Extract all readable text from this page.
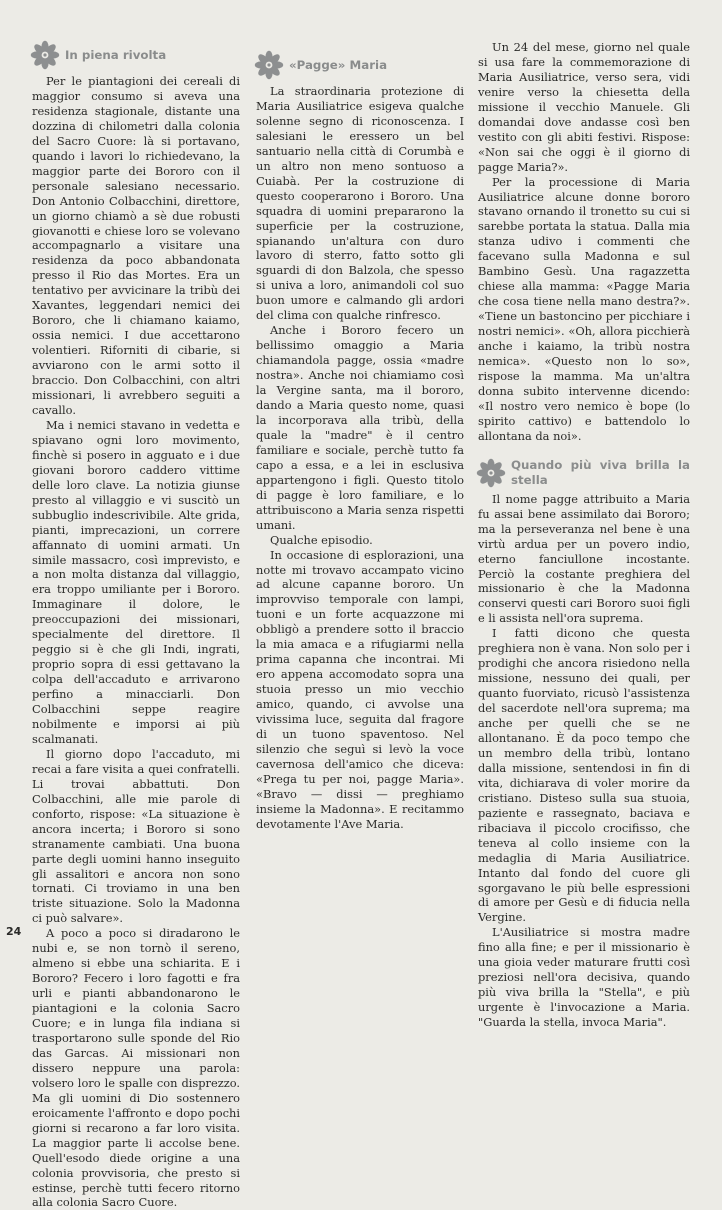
In piena rivolta

Per le piantagioni dei cereali di maggior consumo si aveva una residenza stagionale, distante una dozzina di chilometri dalla colonia del Sacro Cuore: là si portavano, quando i lavori lo richiedevano, la maggior parte dei Bororo con il personale salesiano necessario. Don Antonio Colbacchini, direttore, un giorno chiamò a sè due robusti giovanotti e chiese loro se volevano accompagnarlo a visitare una residenza da poco abbandonata presso il Rio das Mortes. Era un tentativo per avvicinare la tribù dei Xavantes, leggendari nemici dei Bororo, che li chiamano kaiamo, ossia nemici. I due accettarono volentieri. Riforniti di cibarie, si avviarono con le armi sotto il braccio. Don Colbacchini, con altri missionari, li avrebbero seguiti a cavallo.

Ma i nemici stavano in vedetta e spiavano ogni loro movimento, finchè si posero in agguato e i due giovani bororo caddero vittime delle loro clave. La notizia giunse presto al villaggio e vi suscitò un subbuglio indescrivibile. Alte grida, pianti, imprecazioni, un correre affannato di uomini armati. Un simile massacro, così imprevisto, e a non molta distanza dal villaggio, era troppo umiliante per i Bororo. Immaginare il dolore, le preoccupazioni dei missionari, specialmente del direttore. Il peggio si è che gli Indi, ingrati, proprio sopra di essi gettavano la colpa dell'accaduto e arrivarono perfino a minacciarli. Don Colbacchini seppe reagire nobilmente e imporsi ai più scalmanati.

Il giorno dopo l'accaduto, mi recai a fare visita a quei confratelli. Li trovai abbattuti. Don Colbacchini, alle mie parole di conforto, rispose: «La situazione è ancora incerta; i Bororo si sono stranamente cambiati. Una buona parte degli uomini hanno inseguito gli assalitori e ancora non sono tornati. Ci troviamo in una ben triste situazione. Solo la Madonna ci può salvare».

A poco a poco si diradarono le nubi e, se non tornò il sereno, almeno si ebbe una schiarita. E i Bororo? Fecero i loro fagotti e fra urli e pianti abbandonarono le piantagioni e la colonia Sacro Cuore; e in lunga fila indiana si trasportarono sulle sponde del Rio das Garcas. Ai missionari non dissero neppure una parola: volsero loro le spalle con disprezzo. Ma gli uomini di Dio sostennero eroicamente l'affronto e dopo pochi giorni si recarono a far loro visita. La maggior parte li accolse bene. Quell'esodo diede origine a una colonia provvisoria, che presto si estinse, perchè tutti fecero ritorno alla colonia Sacro Cuore.

«Pagge» Maria

La straordinaria protezione di Maria Ausiliatrice esigeva qualche solenne segno di riconoscenza. I salesiani le eressero un bel santuario nella città di Corumbà e un altro non meno sontuoso a Cuiabà. Per la costruzione di questo cooperarono i Bororo. Una squadra di uomini prepararono la superficie per la costruzione, spianando un'altura con duro lavoro di sterro, fatto sotto gli sguardi di don Balzola, che spesso si univa a loro, animandoli col suo buon umore e calmando gli ardori del clima con qualche rinfresco.

Anche i Bororo fecero un bellissimo omaggio a Maria chiamandola pagge, ossia «madre nostra». Anche noi chiamiamo così la Vergine santa, ma il bororo, dando a Maria questo nome, quasi la incorporava alla tribù, della quale la "madre" è il centro familiare e sociale, perchè tutto fa capo a essa, e a lei in esclusiva appartengono i figli. Questo titolo di pagge è loro familiare, e lo attribuiscono a Maria senza rispetti umani.

Qualche episodio.

In occasione di esplorazioni, una notte mi trovavo accampato vicino ad alcune capanne bororo. Un improvviso temporale con lampi, tuoni e un forte acquazzone mi obbligò a prendere sotto il braccio la mia amaca e a rifugiarmi nella prima capanna che incontrai. Mi ero appena accomodato sopra una stuoia presso un mio vecchio amico, quando, ci avvolse una vivissima luce, seguita dal fragore di un tuono spaventoso. Nel silenzio che seguì si levò la voce cavernosa dell'amico che diceva: «Prega tu per noi, pagge Maria». «Bravo — dissi — preghiamo insieme la Madonna». E recitammo devotamente l'Ave Maria.

Un 24 del mese, giorno nel quale si usa fare la commemorazione di Maria Ausiliatrice, verso sera, vidi venire verso la chiesetta della missione il vecchio Manuele. Gli domandai dove andasse così ben vestito con gli abiti festivi. Rispose: «Non sai che oggi è il giorno di pagge Maria?».

Per la processione di Maria Ausiliatrice alcune donne bororo stavano ornando il tronetto su cui si sarebbe portata la statua. Dalla mia stanza udivo i commenti che facevano sulla Madonna e sul Bambino Gesù. Una ragazzetta chiese alla mamma: «Pagge Maria che cosa tiene nella mano destra?». «Tiene un bastoncino per picchiare i nostri nemici». «Oh, allora picchierà anche i kaiamo, la tribù nostra nemica». «Questo non lo so», rispose la mamma. Ma un'altra donna subito intervenne dicendo: «Il nostro vero nemico è bope (lo spirito cattivo) e battendolo lo allontana da noi».

Quando più viva brilla la stella

Il nome pagge attribuito a Maria fu assai bene assimilato dai Bororo; ma la perseveranza nel bene è una virtù ardua per un povero indio, eterno fanciullone incostante. Perciò la costante preghiera del missionario è che la Madonna conservi questi cari Bororo suoi figli e li assista nell'ora suprema.

I fatti dicono che questa preghiera non è vana. Non solo per i prodighi che ancora risiedono nella missione, nessuno dei quali, per quanto fuorviato, ricusò l'assistenza del sacerdote nell'ora suprema; ma anche per quelli che se ne allontanano. È da poco tempo che un membro della tribù, lontano dalla missione, sentendosi in fin di vita, dichiarava di voler morire da cristiano. Disteso sulla sua stuoia, paziente e rassegnato, baciava e ribaciava il piccolo crocifisso, che teneva al collo insieme con la medaglia di Maria Ausiliatrice. Intanto dal fondo del cuore gli sgorgavano le più belle espressioni di amore per Gesù e di fiducia nella Vergine.

L'Ausiliatrice si mostra madre fino alla fine; e per il missionario è una gioia veder maturare frutti così preziosi nell'ora decisiva, quando più viva brilla la "Stella", e più urgente è l'invocazione a Maria. "Guarda la stella, invoca Maria".

24
